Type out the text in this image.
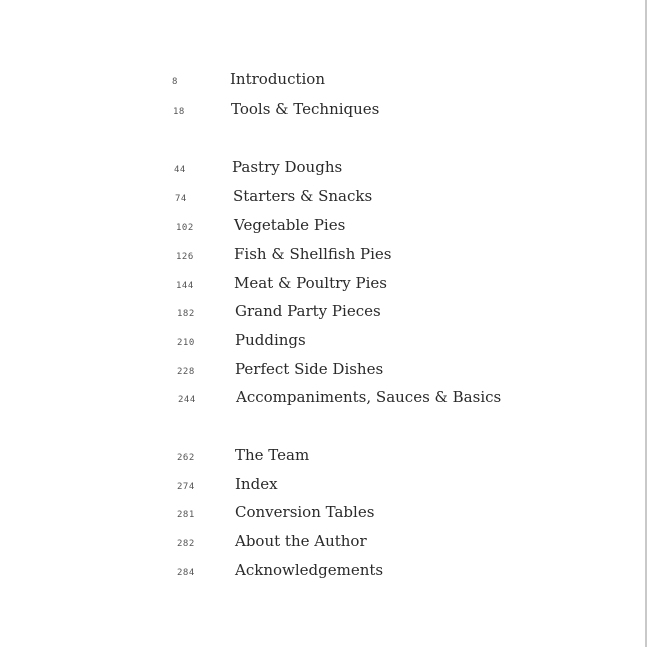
8	Introduction
18	Tools & Techniques
44	Pastry Doughs
74	Starters & Snacks
102	Vegetable Pies
126	Fish & Shellfish Pies
144	Meat & Poultry Pies
182	Grand Party Pieces
210	Puddings
228	Perfect Side Dishes
244	Accompaniments, Sauces & Basics
262	The Team
274	Index
281	Conversion Tables
282	About the Author
284	Acknowledgements
